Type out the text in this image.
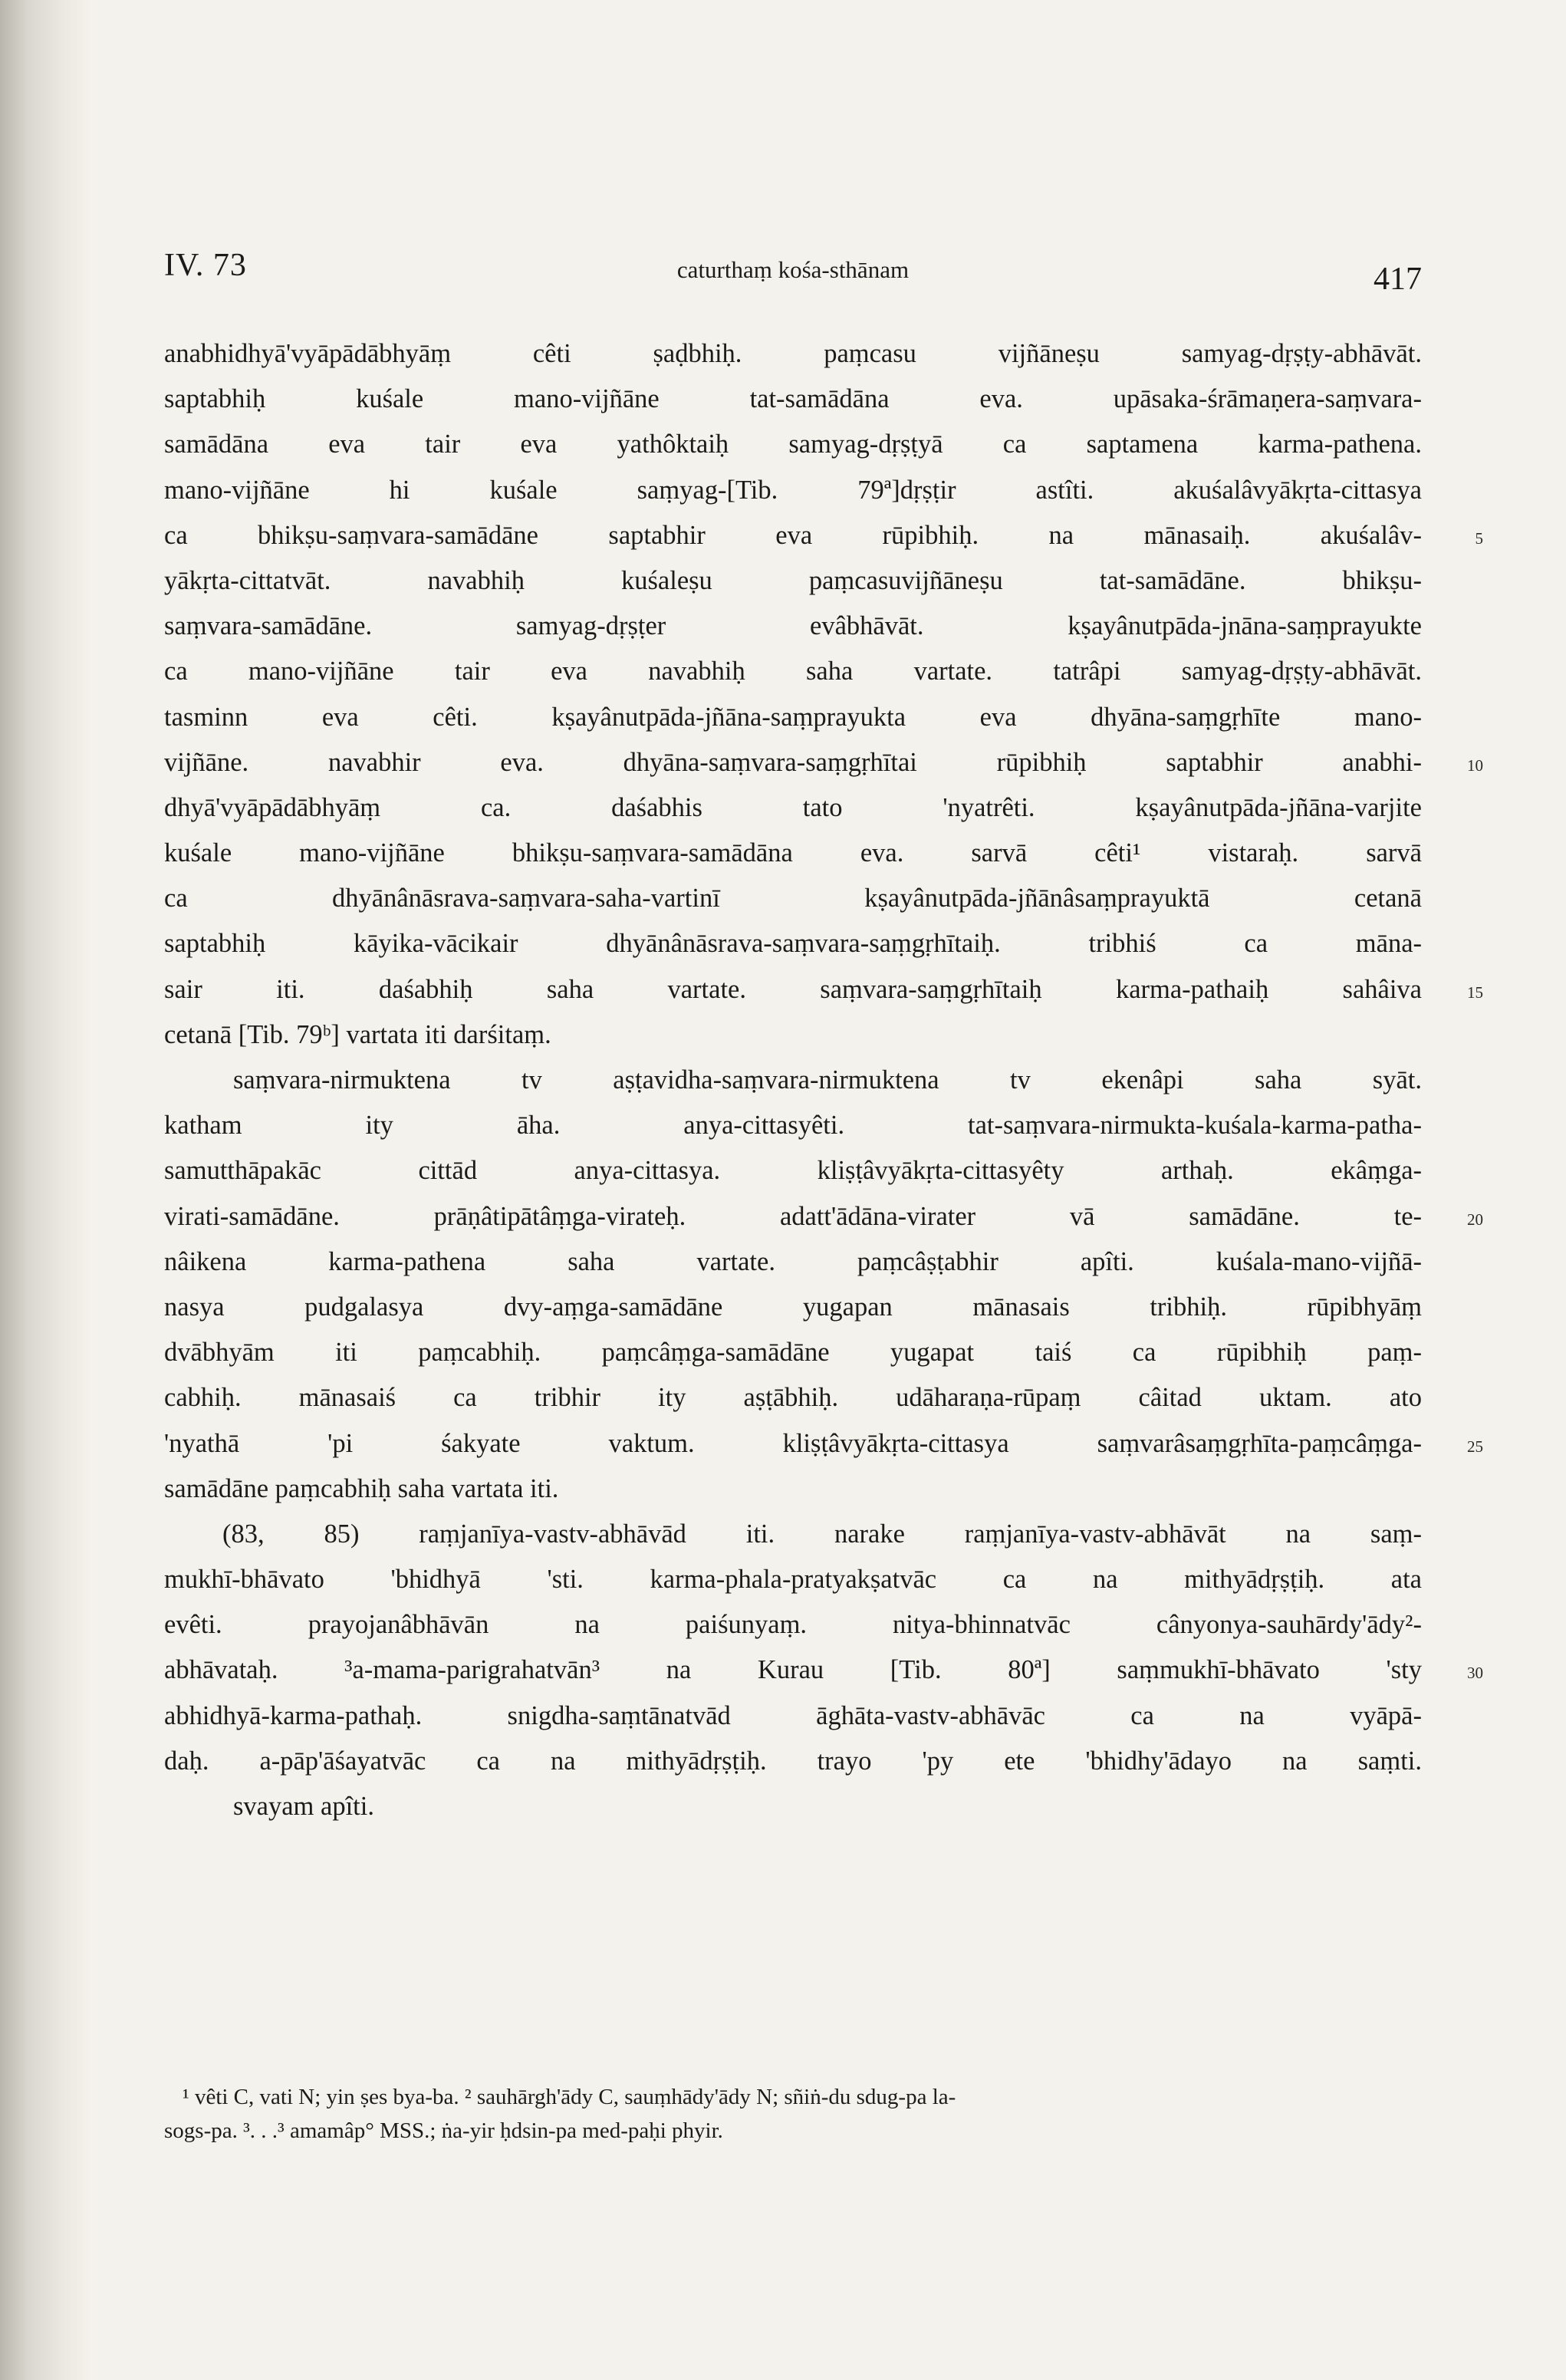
IV. 73	caturthaṃ kośa-sthānam	417
anabhidhyā'vyāpādābhyāṃ cêti ṣaḍbhiḥ. paṃcasu vijñāneṣu samyag-dṛṣṭy-abhāvāt.
saptabhiḥ kuśale mano-vijñāne tat-samādāna eva. upāsaka-śrāmaṇera-saṃvara-
samādāna eva tair eva yathôktaiḥ samyag-dṛṣṭyā ca saptamena karma-pathena.
mano-vijñāne hi kuśale saṃyag-[Tib. 79ª]dṛṣṭir astîti. akuśalâvyākṛta-cittasya
ca bhikṣu-saṃvara-samādāne saptabhir eva rūpibhiḥ. na mānasaiḥ. akuśalâv-	5
yākṛta-cittatvāt. navabhiḥ kuśaleṣu paṃcasuvijñāneṣu tat-samādāne. bhikṣu-
saṃvara-samādāne. samyag-dṛṣṭer evâbhāvāt. kṣayânutpāda-jnāna-saṃprayukte
ca mano-vijñāne tair eva navabhiḥ saha vartate. tatrâpi samyag-dṛṣṭy-abhāvāt.
tasminn eva cêti. kṣayânutpāda-jñāna-saṃprayukta eva dhyāna-saṃgṛhīte mano-
vijñāne. navabhir eva. dhyāna-saṃvara-saṃgṛhītai rūpibhiḥ saptabhir anabhi-	10
dhyā'vyāpādābhyāṃ ca. daśabhis tato 'nyatrêti. kṣayânutpāda-jñāna-varjite
kuśale mano-vijñāne bhikṣu-saṃvara-samādāna eva. sarvā cêti¹ vistaraḥ. sarvā
ca dhyānânāsrava-saṃvara-saha-vartinī kṣayânutpāda-jñānâsaṃprayuktā cetanā
saptabhiḥ kāyika-vācikair dhyānânāsrava-saṃvara-saṃgṛhītaiḥ. tribhiś ca māna-
sair iti. daśabhiḥ saha vartate. saṃvara-saṃgṛhītaiḥ karma-pathaiḥ sahâiva	15
cetanā [Tib. 79ᵇ] vartata iti darśitaṃ.
saṃvara-nirmuktena tv aṣṭavidha-saṃvara-nirmuktena tv ekenâpi saha syāt.
katham ity āha. anya-cittasyêti. tat-saṃvara-nirmukta-kuśala-karma-patha-
samutthāpakāc cittād anya-cittasya. kliṣṭâvyākṛta-cittasyêty arthaḥ. ekâṃga-
virati-samādāne. prāṇâtipātâṃga-virateḥ. adatt'ādāna-virater vā samādāne. te-	20
nâikena karma-pathena saha vartate. paṃcâṣṭabhir apîti. kuśala-mano-vijñā-
nasya pudgalasya dvy-aṃga-samādāne yugapan mānasais tribhiḥ. rūpibhyāṃ
dvābhyām iti paṃcabhiḥ. paṃcâṃga-samādāne yugapat taiś ca rūpibhiḥ paṃ-
cabhiḥ. mānasaiś ca tribhir ity aṣṭābhiḥ. udāharaṇa-rūpaṃ câitad uktam. ato
'nyathā 'pi śakyate vaktum. kliṣṭâvyākṛta-cittasya saṃvarâsaṃgṛhīta-paṃcâṃga-	25
samādāne paṃcabhiḥ saha vartata iti.
(83, 85) raṃjanīya-vastv-abhāvād iti. narake raṃjanīya-vastv-abhāvāt na saṃ-
mukhī-bhāvato 'bhidhyā 'sti. karma-phala-pratyakṣatvāc ca na mithyādṛṣṭiḥ. ata
evêti. prayojanâbhāvān na paiśunyaṃ. nitya-bhinnatvāc cânyonya-sauhārdy'ādy²-
abhāvataḥ. ³a-mama-parigrahatvān³ na Kurau [Tib. 80ª] saṃmukhī-bhāvato 'sty	30
abhidhyā-karma-pathaḥ. snigdha-saṃtānatvād āghāta-vastv-abhāvāc ca na vyāpā-
daḥ. a-pāp'āśayatvāc ca na mithyādṛṣṭiḥ. trayo 'py ete 'bhidhy'ādayo na saṃti.
svayam apîti.
¹ vêti C, vati N; yin ṣes bya-ba. ² sauhārgh'ādy C, sauṃhādy'ādy N; sñiṅ-du sdug-pa la-
sogs-pa. ³. . .³ amamâp° MSS.; ṅa-yir ḥdsin-pa med-paḥi phyir.
